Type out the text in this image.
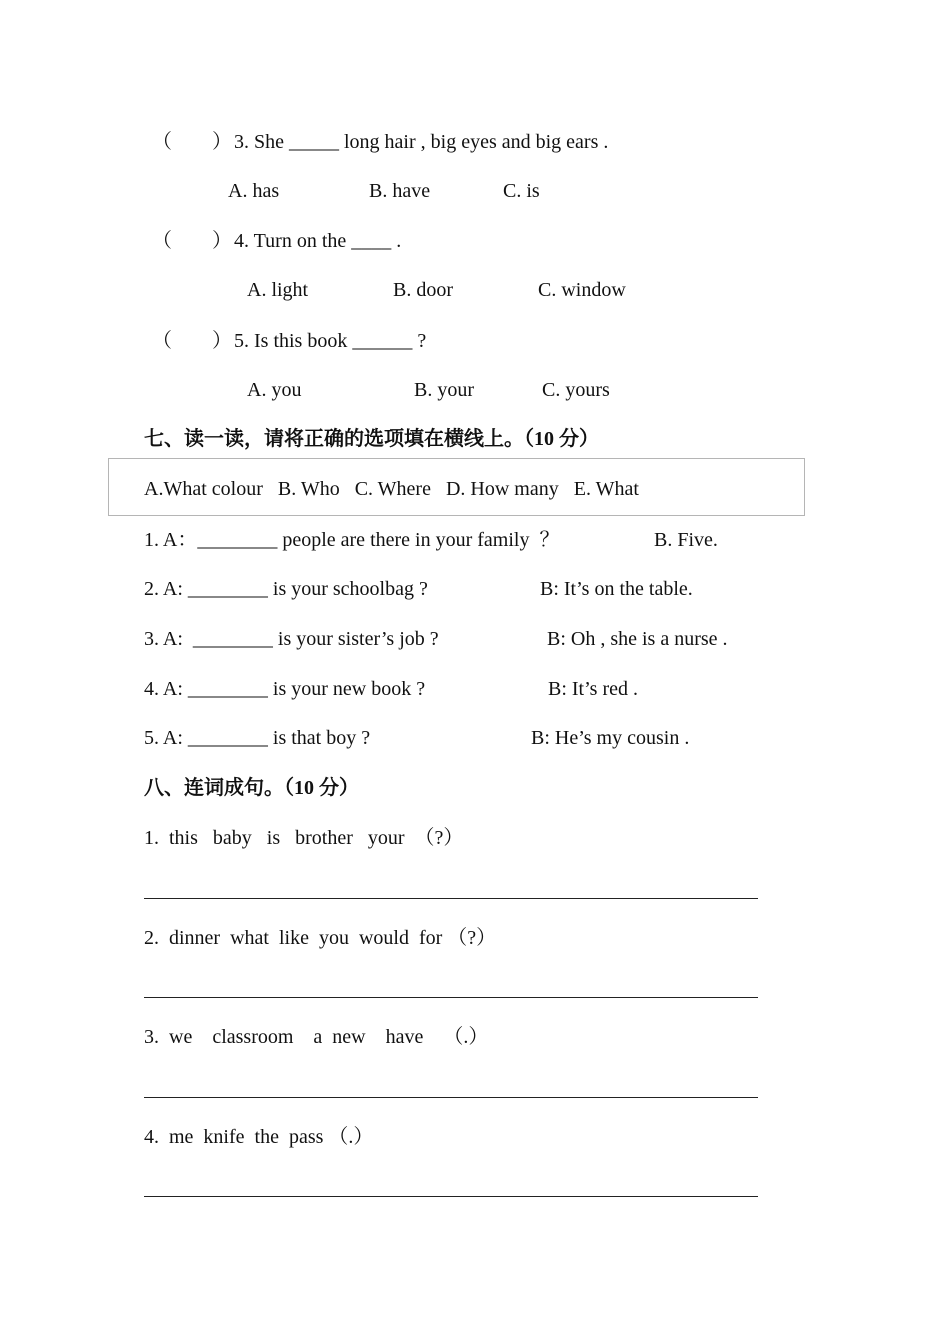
（        ） 3. She _____ long hair , big eyes and big ears .
A. has	B. have	C. is
（        ） 4. Turn on the ____ .
A. light	B. door	C. window
（        ） 5. Is this book ______ ?
A. you	B. your	C. yours
七、读一读，请将正确的选项填在横线上。（10 分）
A.What colour   B. Who   C. Where   D. How many   E. What
1. A：________ people are there in your family  ？	B. Five.
2. A: ________ is your schoolbag ?	B: It’s on the table.
3. A:  ________ is your sister’s job ?	B: Oh , she is a nurse .
4. A: ________ is your new book ?	B: It’s red .
5. A: ________ is that boy ?	B: He’s my cousin .
八、连词成句。（10 分）
1.  this   baby   is   brother   your  （?）
2.  dinner  what  like  you  would  for （?）
3.  we    classroom    a  new    have    （.）
4.  me  knife  the  pass （.）
